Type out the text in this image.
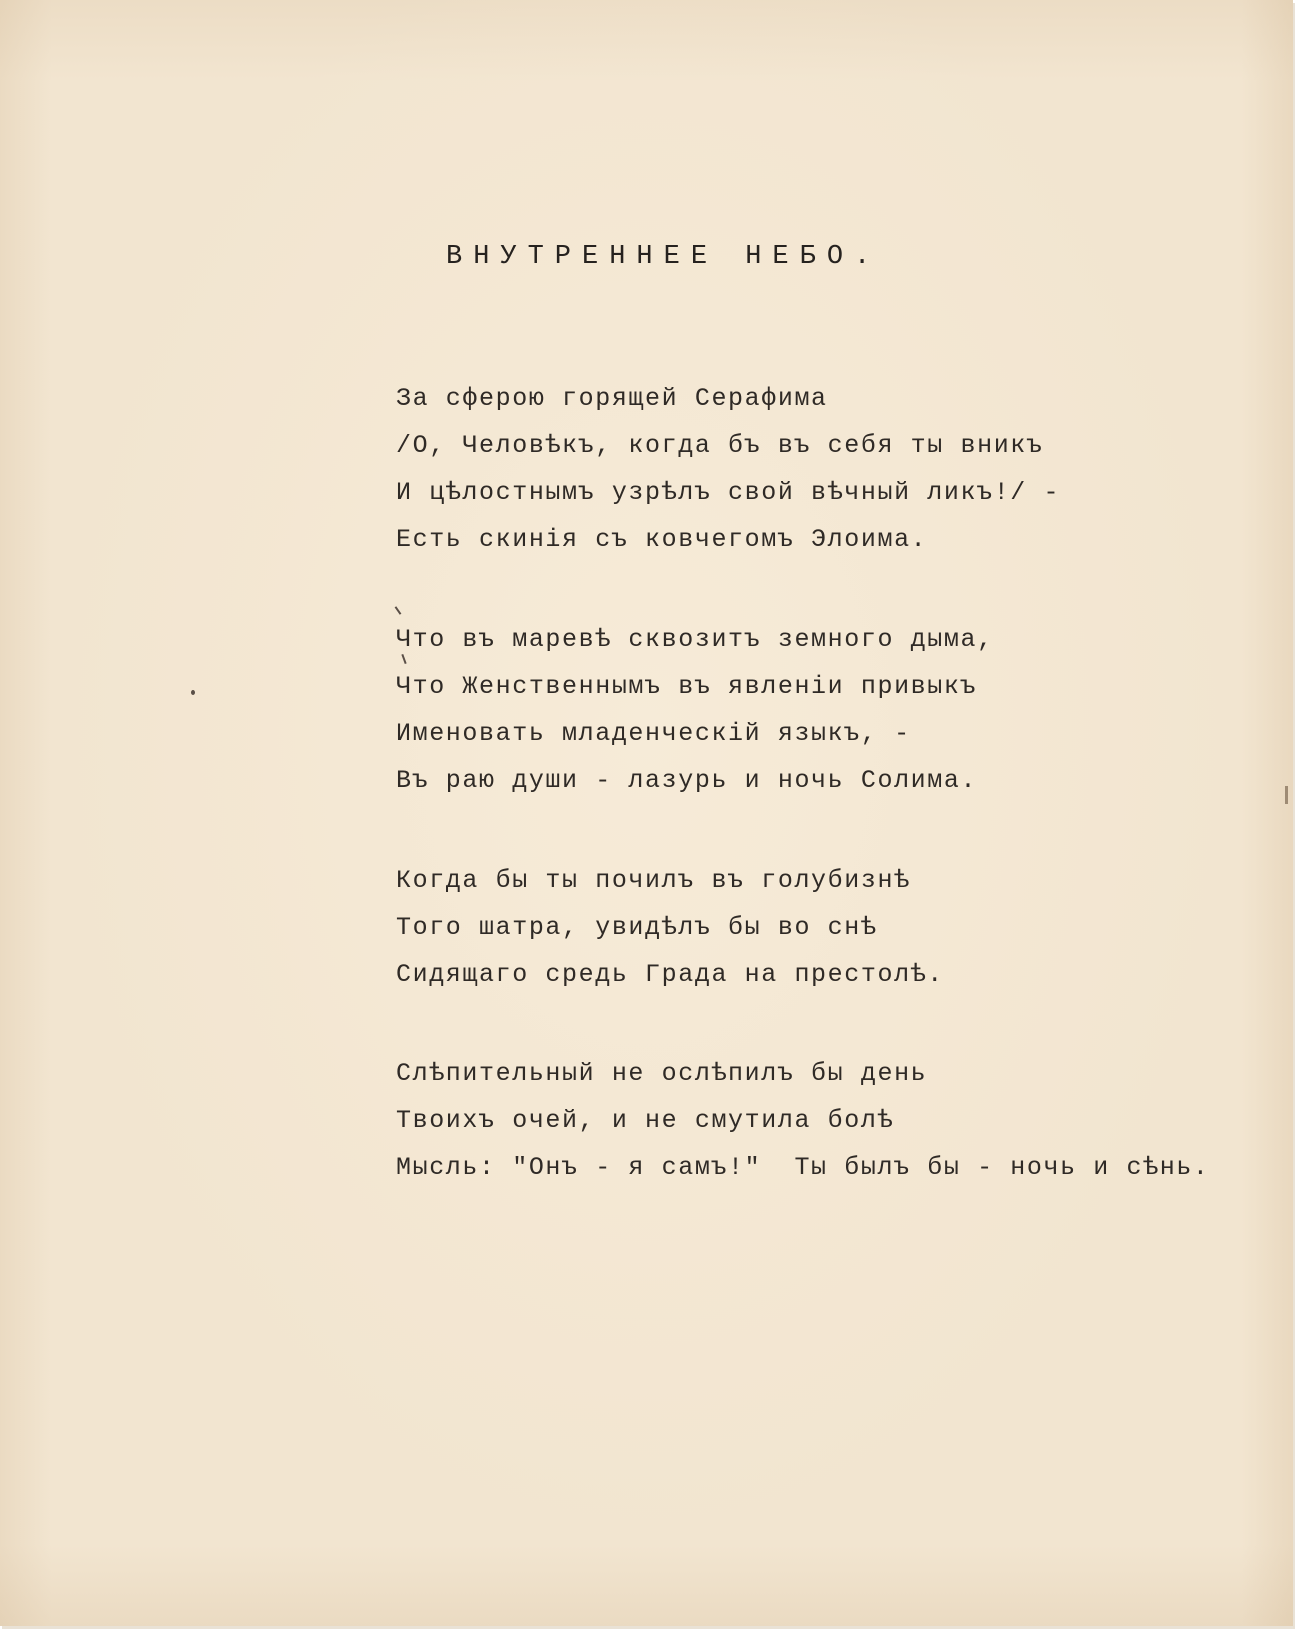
ВНУТРЕННЕЕ НЕБО.
За сферою горящей Серафима
/О, Человѣкъ, когда бъ въ себя ты вникъ
И цѣлостнымъ узрѣлъ свой вѣчный ликъ!/ -
Есть скинія съ ковчегомъ Элоима.
Что въ маревѣ сквозитъ земного дыма,
Что Женственнымъ въ явленіи привыкъ
Именовать младенческій языкъ, -
Въ раю души - лазурь и ночь Солима.
Когда бы ты почилъ въ голубизнѣ
Того шатра, увидѣлъ бы во снѣ
Сидящаго средь Града на престолѣ.
Слѣпительный не ослѣпилъ бы день
Твоихъ очей, и не смутила болѣ
Мысль: "Онъ - я самъ!"  Ты былъ бы - ночь и сѣнь.
